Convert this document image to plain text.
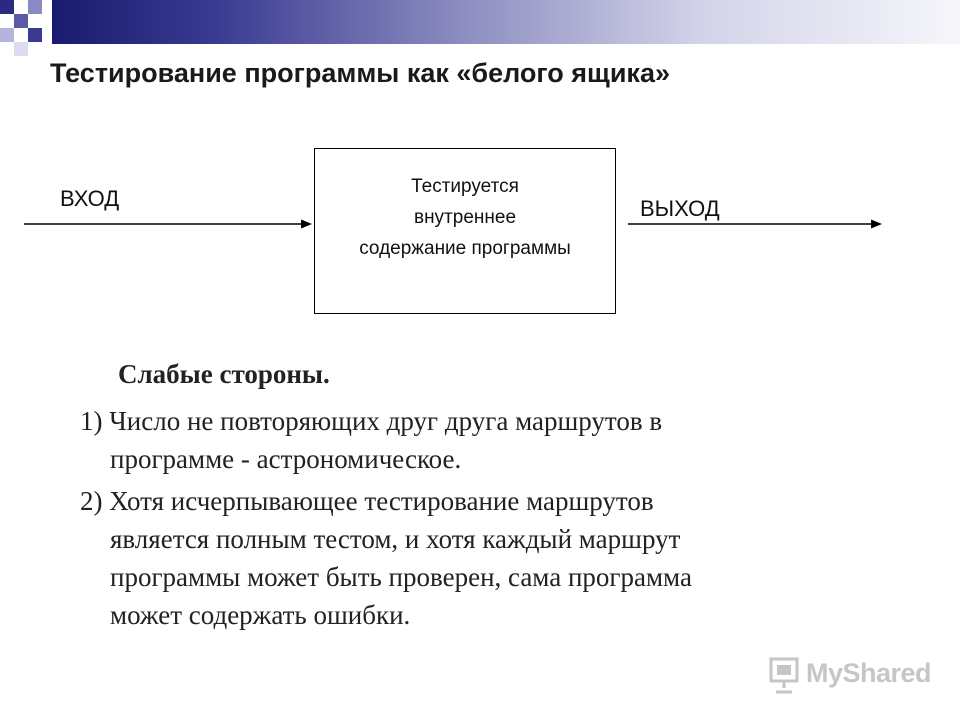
Тестирование программы как «белого ящика»
ВХОД	ВЫХОД
Тестируется
внутреннее
содержание программы
Слабые стороны.
1) Число не повторяющих друг друга маршрутов в
программе - астрономическое.
2) Хотя исчерпывающее тестирование маршрутов
является полным тестом, и хотя каждый маршрут
программы может быть проверен, сама программа
может содержать ошибки.
MyShared
